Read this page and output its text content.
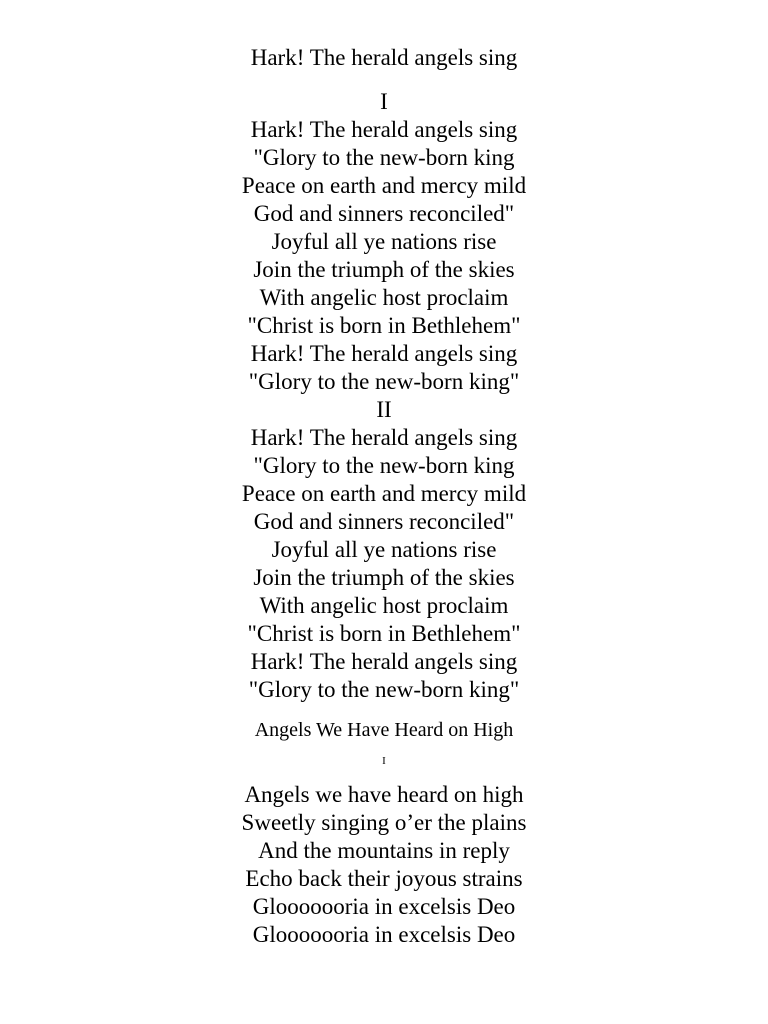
Hark! The herald angels sing
I
Hark! The herald angels sing
"Glory to the new-born king
Peace on earth and mercy mild
God and sinners reconciled"
Joyful all ye nations rise
Join the triumph of the skies
With angelic host proclaim
"Christ is born in Bethlehem"
Hark! The herald angels sing
"Glory to the new-born king"
II
Hark! The herald angels sing
"Glory to the new-born king
Peace on earth and mercy mild
God and sinners reconciled"
Joyful all ye nations rise
Join the triumph of the skies
With angelic host proclaim
"Christ is born in Bethlehem"
Hark! The herald angels sing
"Glory to the new-born king"
Angels We Have Heard on High
I
Angels we have heard on high
Sweetly singing o’er the plains
And the mountains in reply
Echo back their joyous strains
Glooooooria in excelsis Deo
Glooooooria in excelsis Deo
